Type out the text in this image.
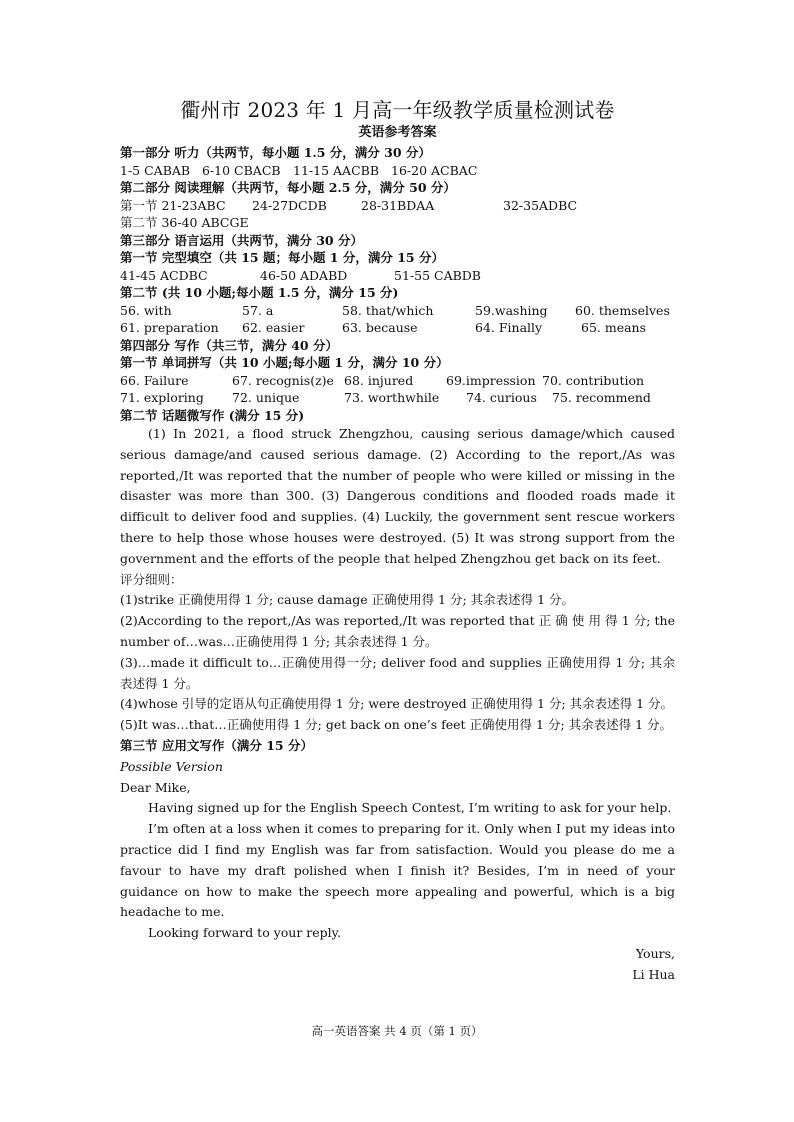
衢州市 2023 年 1 月高一年级教学质量检测试卷
英语参考答案
第一部分 听力（共两节，每小题 1.5 分，满分 30 分）
1-5 CABAB 6-10 CBACB 11-15 AACBB 16-20 ACBAC
第二部分 阅读理解（共两节，每小题 2.5 分，满分 50 分）
第一节 21-23ABC	24-27DCDB	28-31BDAA	32-35ADBC
第二节 36-40 ABCGE
第三部分 语言运用（共两节，满分 30 分）
第一节 完型填空（共 15 题；每小题 1 分，满分 15 分）
41-45 ACDBC	46-50 ADABD	51-55 CABDB
第二节 (共 10 小题;每小题 1.5 分，满分 15 分)
56. with	57. a	58. that/which	59.washing	60. themselves
61. preparation	62. easier	63. because	64. Finally	65. means
第四部分 写作（共三节，满分 40 分）
第一节 单词拼写（共 10 小题;每小题 1 分，满分 10 分）
66. Failure	67. recognis(z)e 68. injured	69.impression 70. contribution
71. exploring	72. unique	73. worthwhile	74. curious	75. recommend
第二节 话题微写作 (满分 15 分)

(1) In 2021, a flood struck Zhengzhou, causing serious damage/which caused serious damage/and caused serious damage. (2) According to the report,/As was reported,/It was reported that the number of people who were killed or missing in the disaster was more than 300. (3) Dangerous conditions and flooded roads made it difficult to deliver food and supplies. (4) Luckily, the government sent rescue workers there to help those whose houses were destroyed. (5) It was strong support from the government and the efforts of the people that helped Zhengzhou get back on its feet.

评分细则：
(1)strike 正确使用得 1 分; cause damage 正确使用得 1 分; 其余表述得 1 分。
(2)According to the report,/As was reported,/It was reported that 正 确 使 用 得 1 分; the number of…was…正确使用得 1 分; 其余表述得 1 分。
(3)…made it difficult to…正确使用得一分; deliver food and supplies 正确使用得 1 分; 其余表述得 1 分。
(4)whose 引导的定语从句正确使用得 1 分; were destroyed 正确使用得 1 分; 其余表述得 1 分。
(5)It was…that…正确使用得 1 分; get back on one’s feet 正确使用得 1 分; 其余表述得 1 分。
第三节 应用文写作（满分 15 分）
Possible Version
Dear Mike,

Having signed up for the English Speech Contest, I’m writing to ask for your help.

I’m often at a loss when it comes to preparing for it. Only when I put my ideas into practice did I find my English was far from satisfaction. Would you please do me a favour to have my draft polished when I finish it? Besides, I’m in need of your guidance on how to make the speech more appealing and powerful, which is a big headache to me.

Looking forward to your reply.

Yours,
Li Hua
高一英语答案 共 4 页（第 1 页）
